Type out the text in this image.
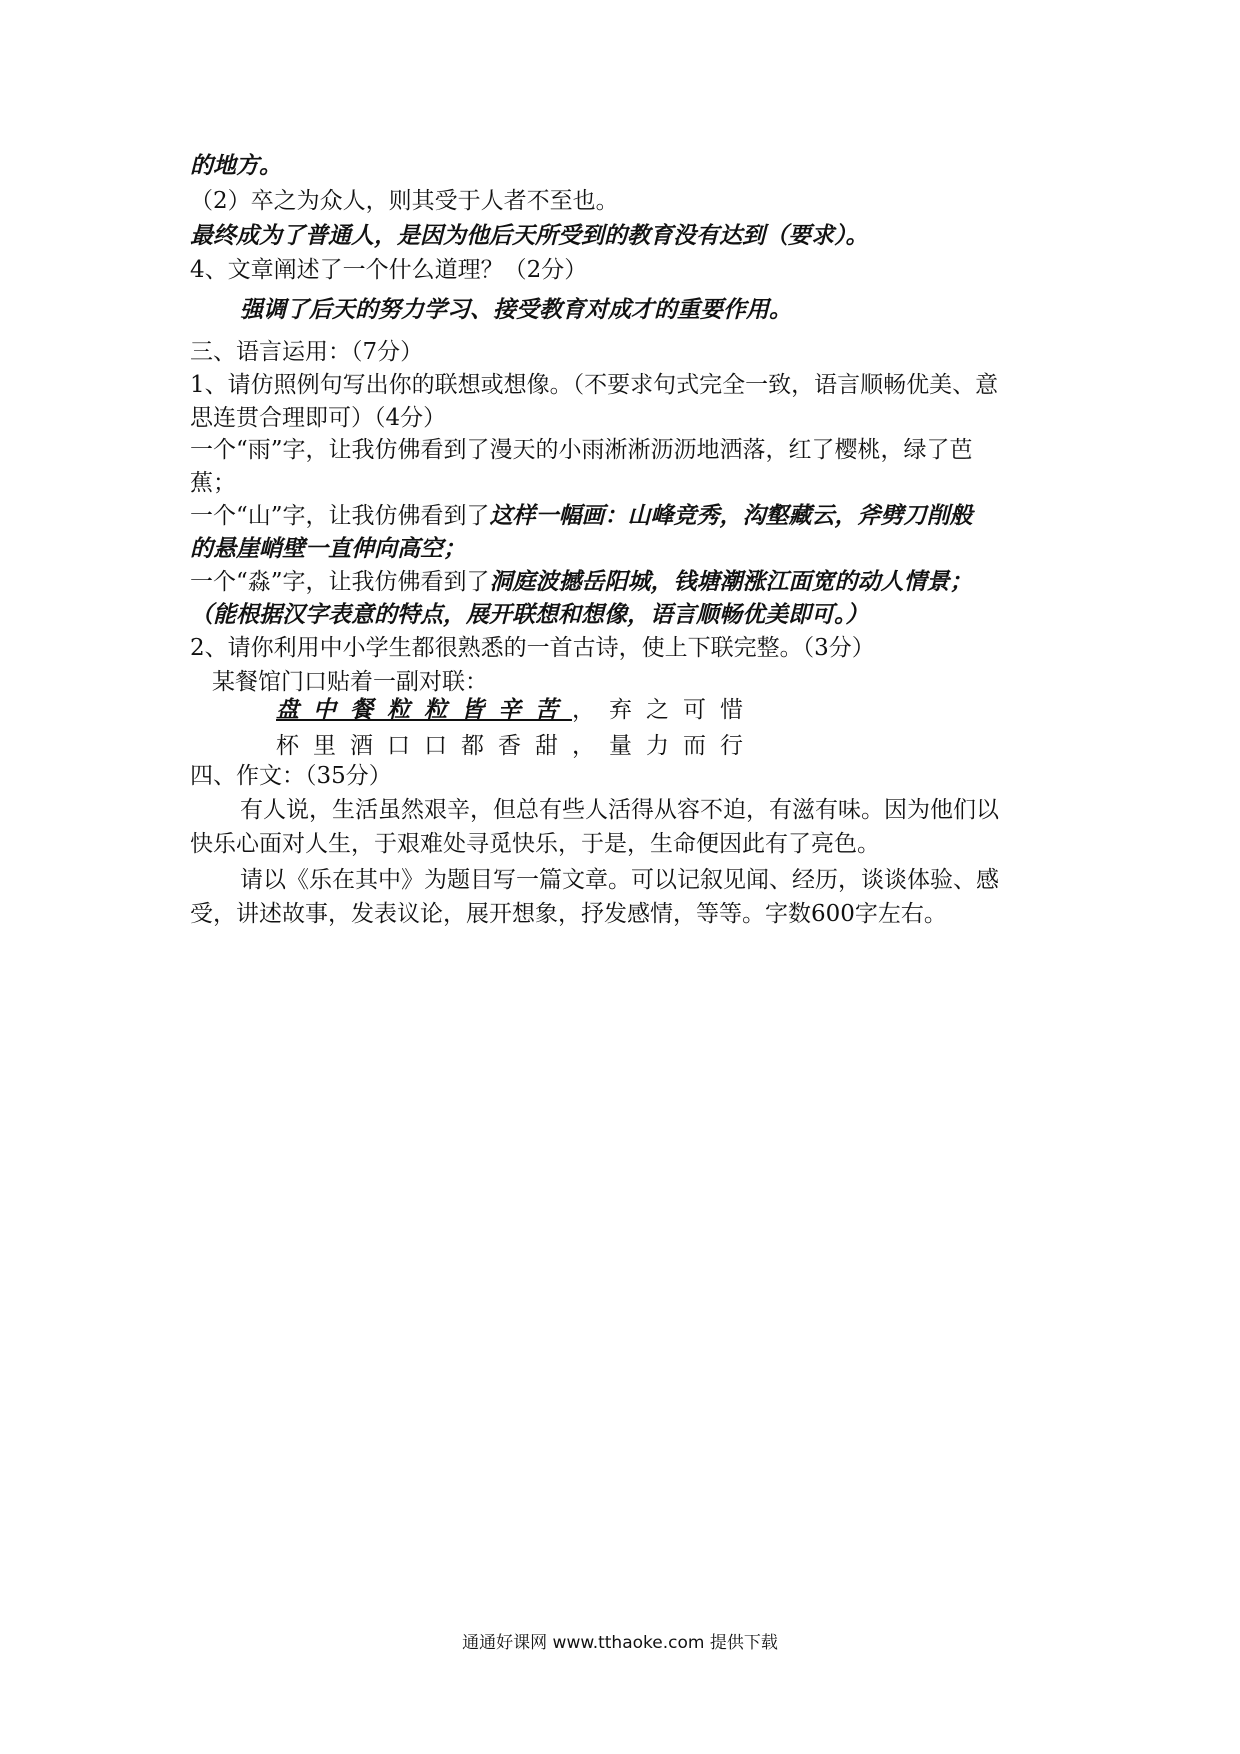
的地方。
（2）卒之为众人，则其受于人者不至也。
最终成为了普通人，是因为他后天所受到的教育没有达到（要求）。
4、文章阐述了一个什么道理？（2分）
强调了后天的努力学习、接受教育对成才的重要作用。
三、语言运用：（7分）
1、请仿照例句写出你的联想或想像。（不要求句式完全一致，语言顺畅优美、意
思连贯合理即可）（4分）
一个“雨”字，让我仿佛看到了漫天的小雨淅淅沥沥地洒落，红了樱桃，绿了芭
蕉；
一个“山”字，让我仿佛看到了这样一幅画：山峰竞秀，沟壑藏云，斧劈刀削般
的悬崖峭壁一直伸向高空；
一个“淼”字，让我仿佛看到了洞庭波撼岳阳城，钱塘潮涨江面宽的动人情景；
（能根据汉字表意的特点，展开联想和想像，语言顺畅优美即可。）
2、请你利用中小学生都很熟悉的一首古诗，使上下联完整。（3分）
某餐馆门口贴着一副对联：
盘中餐粒粒皆辛苦，弃之可惜
杯里酒口口都香甜，量力而行
四、作文：（35分）
有人说，生活虽然艰辛，但总有些人活得从容不迫，有滋有味。因为他们以
快乐心面对人生，于艰难处寻觅快乐，于是，生命便因此有了亮色。
请以《乐在其中》为题目写一篇文章。可以记叙见闻、经历，谈谈体验、感
受，讲述故事，发表议论，展开想象，抒发感情，等等。字数600字左右。
通通好课网 www.tthaoke.com 提供下载
